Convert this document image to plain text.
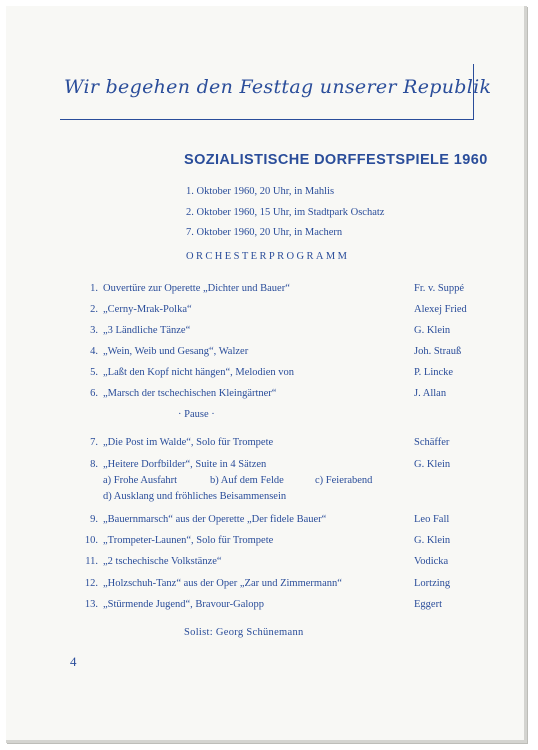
Wir begehen den Festtag unserer Republik
SOZIALISTISCHE DORFFESTSPIELE 1960
1. Oktober 1960, 20 Uhr, in Mahlis
2. Oktober 1960, 15 Uhr, im Stadtpark Oschatz
7. Oktober 1960, 20 Uhr, in Machern
ORCHESTERPROGRAMM
1. Ouvertüre zur Operette „Dichter und Bauer“	Fr. v. Suppé
2. „Cerny-Mrak-Polka“	Alexej Fried
3. „3 Ländliche Tänze“	G. Klein
4. „Wein, Weib und Gesang“, Walzer	Joh. Strauß
5. „Laßt den Kopf nicht hängen“, Melodien von	P. Lincke
6. „Marsch der tschechischen Kleingärtner“	J. Allan
· Pause ·
7. „Die Post im Walde“, Solo für Trompete	Schäffer
8. „Heitere Dorfbilder“, Suite in 4 Sätzen	G. Klein
a) Frohe Ausfahrt	b) Auf dem Felde	c) Feierabend
d) Ausklang und fröhliches Beisammensein
9. „Bauernmarsch“ aus der Operette „Der fidele Bauer“	Leo Fall
10. „Trompeter-Launen“, Solo für Trompete	G. Klein
11. „2 tschechische Volkstänze“	Vodicka
12. „Holzschuh-Tanz“ aus der Oper „Zar und Zimmermann“	Lortzing
13. „Stürmende Jugend“, Bravour-Galopp	Eggert
Solist: Georg Schünemann
4
